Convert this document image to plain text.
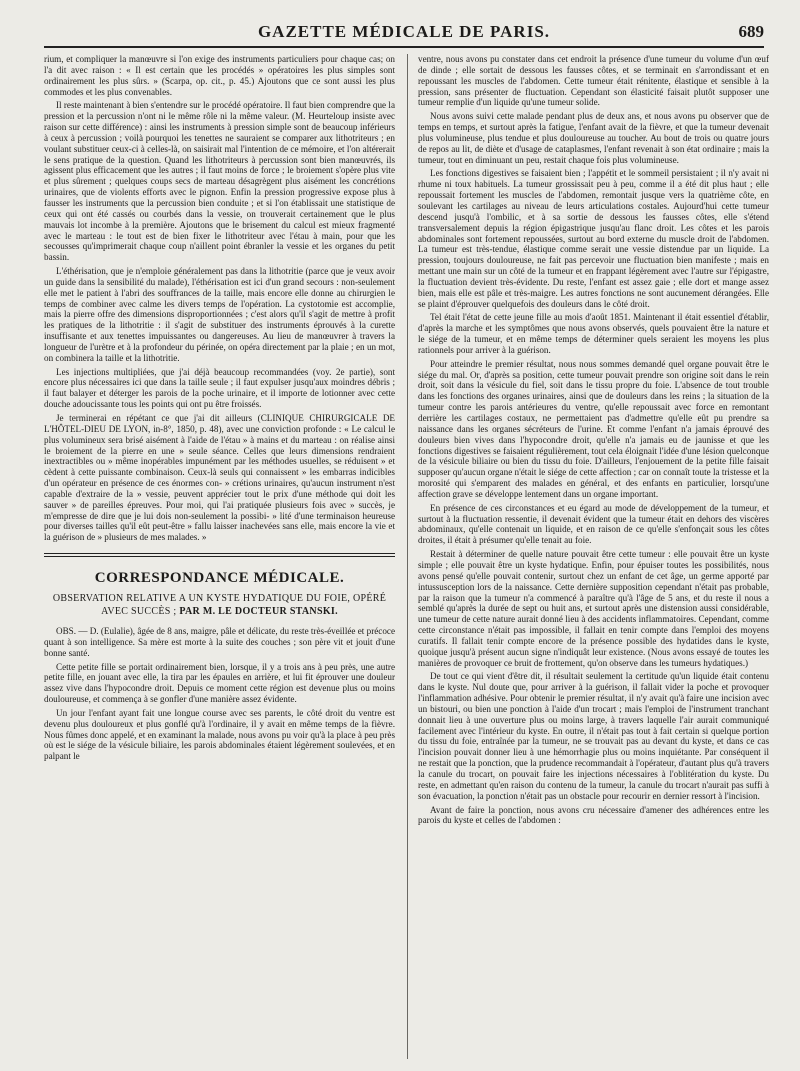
GAZETTE MÉDICALE DE PARIS.	689

rium, et compliquer la manœuvre si l'on exige des instruments particuliers pour chaque cas; on l'a dit avec raison : « Il est certain que les procédés » opératoires les plus simples sont ordinairement les plus sûrs. » (Scarpa, op. cit., p. 45.) Ajoutons que ce sont aussi les plus commodes et les plus convenables.

Il reste maintenant à bien s'entendre sur le procédé opératoire. Il faut bien comprendre que la pression et la percussion n'ont ni le même rôle ni la même valeur. (M. Heurteloup insiste avec raison sur cette différence) : ainsi les instruments à pression simple sont de beaucoup inférieurs à ceux à percussion ; voilà pourquoi les tenettes ne sauraient se comparer aux lithotriteurs ; en voulant substituer ceux-ci à celles-là, on saisirait mal l'intention de ce mémoire, et l'on altérerait le sens pratique de la question. Quand les lithotriteurs à percussion sont bien manœuvrés, ils agissent plus efficacement que les autres ; il faut moins de force ; le broiement s'opère plus vite et plus sûrement ; quelques coups secs de marteau désagrègent plus aisément les concrétions urinaires, que de violents efforts avec le pignon. Enfin la pression progressive expose plus à fausser les instruments que la percussion bien conduite ; et si l'on établissait une statistique de ceux qui ont été cassés ou courbés dans la vessie, on trouverait certainement que le plus mauvais lot incombe à la première. Ajoutons que le brisement du calcul est mieux fragmenté avec le marteau : le tout est de bien fixer le lithotriteur avec l'étau à main, pour que les secousses qu'imprimerait chaque coup n'aillent point ébranler la vessie et les organes du petit bassin.

L'éthérisation, que je n'emploie généralement pas dans la lithotritie (parce que je veux avoir un guide dans la sensibilité du malade), l'éthérisation est ici d'un grand secours : non-seulement elle met le patient à l'abri des souffrances de la taille, mais encore elle donne au chirurgien le temps de combiner avec calme les divers temps de l'opération. La cystotomie est accomplie, mais la pierre offre des dimensions disproportionnées ; c'est alors qu'il s'agit de mettre à profit les pratiques de la lithotritie : il s'agit de substituer des instruments éprouvés à la curette insuffisante et aux tenettes impuissantes ou dangereuses. Au lieu de manœuvrer à travers la longueur de l'urètre et à la profondeur du périnée, on opéra directement par la plaie ; en un mot, on combinera la taille et la lithotritie.

Les injections multipliées, que j'ai déjà beaucoup recommandées (voy. 2e partie), sont encore plus nécessaires ici que dans la taille seule ; il faut expulser jusqu'aux moindres débris ; il faut balayer et déterger les parois de la poche urinaire, et il importe de lotionner avec cette douche adoucissante tous les points qui ont pu être froissés.

Je terminerai en répétant ce que j'ai dit ailleurs (CLINIQUE CHIRURGICALE DE L'HÔTEL-DIEU DE LYON, in-8°, 1850, p. 48), avec une conviction profonde : « Le calcul le plus volumineux sera brisé aisément à l'aide de l'étau » à mains et du marteau : on réalise ainsi le broiement de la pierre en une » seule séance. Celles que leurs dimensions rendraient inextractibles ou » même inopérables impunément par les méthodes usuelles, se réduisent » et cèdent à cette puissante combinaison. Ceux-là seuls qui connaissent » les embarras indicibles d'un opérateur en présence de ces énormes con- » crétions urinaires, qu'aucun instrument n'est capable d'extraire de la » vessie, peuvent apprécier tout le prix d'une méthode qui doit les sauver » de pareilles épreuves. Pour moi, qui l'ai pratiquée plusieurs fois avec » succès, je m'empresse de dire que je lui dois non-seulement la possibi- » lité d'une terminaison heureuse pour diverses tailles qu'il eût peut-être » fallu laisser inachevées sans elle, mais encore la vie et la guérison de » plusieurs de mes malades. »

CORRESPONDANCE MÉDICALE.
OBSERVATION RELATIVE A UN KYSTE HYDATIQUE DU FOIE, OPÉRÉ AVEC SUCCÈS ; PAR M. LE DOCTEUR STANSKI.

OBS. — D. (Eulalie), âgée de 8 ans, maigre, pâle et délicate, du reste très-éveillée et précoce quant à son intelligence. Sa mère est morte à la suite des couches ; son père vit et jouit d'une bonne santé.

Cette petite fille se portait ordinairement bien, lorsque, il y a trois ans à peu près, une autre petite fille, en jouant avec elle, la tira par les épaules en arrière, et lui fit éprouver une douleur assez vive dans l'hypocondre droit. Depuis ce moment cette région est devenue plus ou moins douloureuse, et commença à se gonfler d'une manière assez évidente.

Un jour l'enfant ayant fait une longue course avec ses parents, le côté droit du ventre est devenu plus douloureux et plus gonflé qu'à l'ordinaire, il y avait en même temps de la fièvre. Nous fûmes donc appelé, et en examinant la malade, nous avons pu voir qu'à la place à peu près où est le siége de la vésicule biliaire, les parois abdominales étaient légèrement soulevées, et en palpant le

ventre, nous avons pu constater dans cet endroit la présence d'une tumeur du volume d'un œuf de dinde ; elle sortait de dessous les fausses côtes, et se terminait en s'arrondissant et en repoussant les muscles de l'abdomen. Cette tumeur était rénitente, élastique et sensible à la pression, sans présenter de fluctuation. Cependant son élasticité faisait plutôt supposer une tumeur remplie d'un liquide qu'une tumeur solide.

Nous avons suivi cette malade pendant plus de deux ans, et nous avons pu observer que de temps en temps, et surtout après la fatigue, l'enfant avait de la fièvre, et que la tumeur devenait plus volumineuse, plus tendue et plus douloureuse au toucher. Au bout de trois ou quatre jours de repos au lit, de diète et d'usage de cataplasmes, l'enfant revenait à son état ordinaire ; mais la tumeur, tout en diminuant un peu, restait chaque fois plus volumineuse.

Les fonctions digestives se faisaient bien ; l'appétit et le sommeil persistaient ; il n'y avait ni rhume ni toux habituels. La tumeur grossissait peu à peu, comme il a été dit plus haut ; elle repoussait fortement les muscles de l'abdomen, remontait jusque vers la quatrième côte, en soulevant les cartilages au niveau de leurs articulations costales. Aujourd'hui cette tumeur descend jusqu'à l'ombilic, et à sa sortie de dessous les fausses côtes, elle s'étend transversalement depuis la région épigastrique jusqu'au flanc droit. Les côtes et les parois abdominales sont fortement repoussées, surtout au bord externe du muscle droit de l'abdomen. La tumeur est très-tendue, élastique comme serait une vessie distendue par un liquide. La pression, toujours douloureuse, ne fait pas percevoir une fluctuation bien manifeste ; mais en mettant une main sur un côté de la tumeur et en frappant légèrement avec l'autre sur l'épigastre, la fluctuation devient très-évidente. Du reste, l'enfant est assez gaie ; elle dort et mange assez bien, mais elle est pâle et très-maigre. Les autres fonctions ne sont aucunement dérangées. Elle se plaint d'éprouver quelquefois des douleurs dans le côté droit.

Tel était l'état de cette jeune fille au mois d'août 1851. Maintenant il était essentiel d'établir, d'après la marche et les symptômes que nous avons observés, quels pouvaient être la nature et le siége de la tumeur, et en même temps de déterminer quels seraient les moyens les plus rationnels pour arriver à la guérison.

Pour atteindre le premier résultat, nous nous sommes demandé quel organe pouvait être le siége du mal. Or, d'après sa position, cette tumeur pouvait prendre son origine soit dans le rein droit, soit dans la vésicule du fiel, soit dans le tissu propre du foie. L'absence de tout trouble dans les fonctions des organes urinaires, ainsi que de douleurs dans les reins ; la situation de la tumeur contre les parois antérieures du ventre, qu'elle repoussait avec force en remontant derrière les cartilages costaux, ne permettaient pas d'admettre qu'elle eût pu prendre sa naissance dans les organes sécréteurs de l'urine. Et comme l'enfant n'a jamais éprouvé des douleurs bien vives dans l'hypocondre droit, qu'elle n'a jamais eu de jaunisse et que les fonctions digestives se faisaient régulièrement, tout cela éloignait l'idée d'une lésion quelconque de la vésicule biliaire ou bien du tissu du foie. D'ailleurs, l'enjouement de la petite fille faisait supposer qu'aucun organe n'était le siége de cette affection ; car on connaît toute la tristesse et la morosité qui s'emparent des malades en général, et des enfants en particulier, lorsqu'une affection grave se développe lentement dans un organe important.

En présence de ces circonstances et eu égard au mode de développement de la tumeur, et surtout à la fluctuation ressentie, il devenait évident que la tumeur était en dehors des viscères abdominaux, qu'elle contenait un liquide, et en raison de ce qu'elle s'enfonçait sous les côtes droites, il était à présumer qu'elle tenait au foie.

Restait à déterminer de quelle nature pouvait être cette tumeur : elle pouvait être un kyste simple ; elle pouvait être un kyste hydatique. Enfin, pour épuiser toutes les possibilités, nous avons pensé qu'elle pouvait contenir, surtout chez un enfant de cet âge, un germe apporté par intussusception lors de la naissance. Cette dernière supposition cependant n'était pas probable, par la raison que la tumeur n'a commencé à paraître qu'à l'âge de 5 ans, et du reste il nous a semblé qu'après la durée de sept ou huit ans, et surtout après une distension aussi considérable, une tumeur de cette nature aurait donné lieu à des accidents inflammatoires. Cependant, comme cette circonstance n'était pas impossible, il fallait en tenir compte dans l'emploi des moyens curatifs. Il fallait tenir compte encore de la présence possible des hydatides dans le kyste, quoique jusqu'à présent aucun signe n'indiquât leur existence. (Nous avons essayé de toutes les manières de provoquer ce bruit de frottement, qu'on observe dans les tumeurs hydatiques.)

De tout ce qui vient d'être dit, il résultait seulement la certitude qu'un liquide était contenu dans le kyste. Nul doute que, pour arriver à la guérison, il fallait vider la poche et provoquer l'inflammation adhésive. Pour obtenir le premier résultat, il n'y avait qu'à faire une incision avec un bistouri, ou bien une ponction à l'aide d'un trocart ; mais l'emploi de l'instrument tranchant donnait lieu à une ouverture plus ou moins large, à travers laquelle l'air aurait communiqué facilement avec l'intérieur du kyste. En outre, il n'était pas tout à fait certain si quelque portion du tissu du foie, entraînée par la tumeur, ne se trouvait pas au devant du kyste, et dans ce cas l'incision pouvait donner lieu à une hémorrhagie plus ou moins inquiétante. Par conséquent il ne restait que la ponction, que la prudence recommandait à l'opérateur, d'autant plus qu'à travers la canule du trocart, on pouvait faire les injections nécessaires à l'oblitération du kyste. Du reste, en admettant qu'en raison du contenu de la tumeur, la canule du trocart n'aurait pas suffi à son évacuation, la ponction n'était pas un obstacle pour recourir en dernier ressort à l'incision.

Avant de faire la ponction, nous avons cru nécessaire d'amener des adhérences entre les parois du kyste et celles de l'abdomen :
